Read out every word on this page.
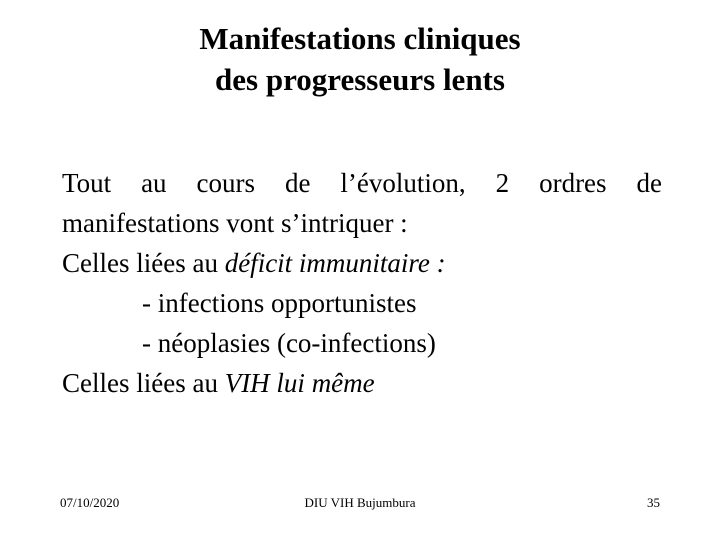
Manifestations cliniques
des progresseurs lents
Tout au cours de l’évolution, 2 ordres de
manifestations vont s’intriquer :
Celles liées au déficit immunitaire :
- infections opportunistes
- néoplasies (co-infections)
Celles liées au VIH lui même
07/10/2020	DIU VIH Bujumbura	35
